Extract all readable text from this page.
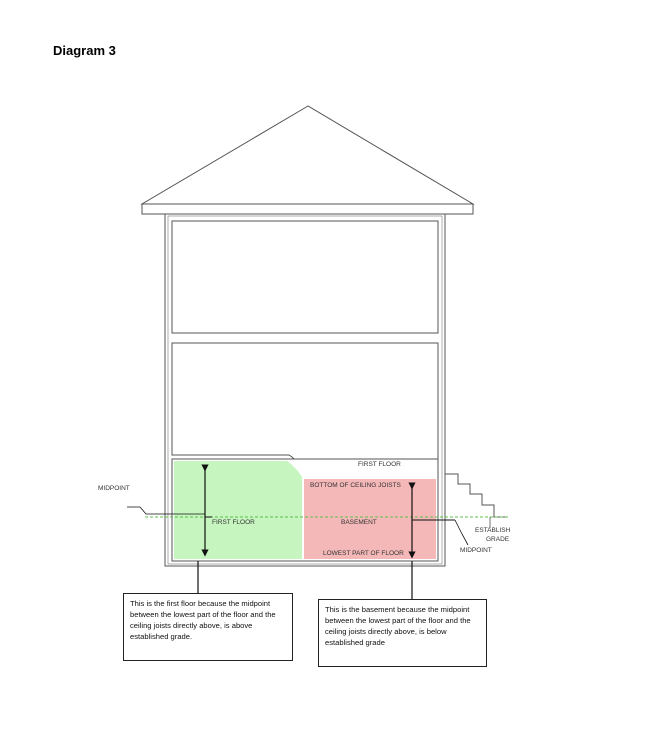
Diagram 3
FIRST FLOOR
BOTTOM OF CEILING JOISTS
MIDPOINT
FIRST FLOOR	BASEMENT
LOWEST PART OF FLOOR
ESTABLISH
GRADE
MIDPOINT
This is the first floor because the midpoint between the lowest part of the floor and the ceiling joists directly above, is above established grade.
This is the basement because the midpoint between the lowest part of the floor and the ceiling joists directly above, is below established grade
